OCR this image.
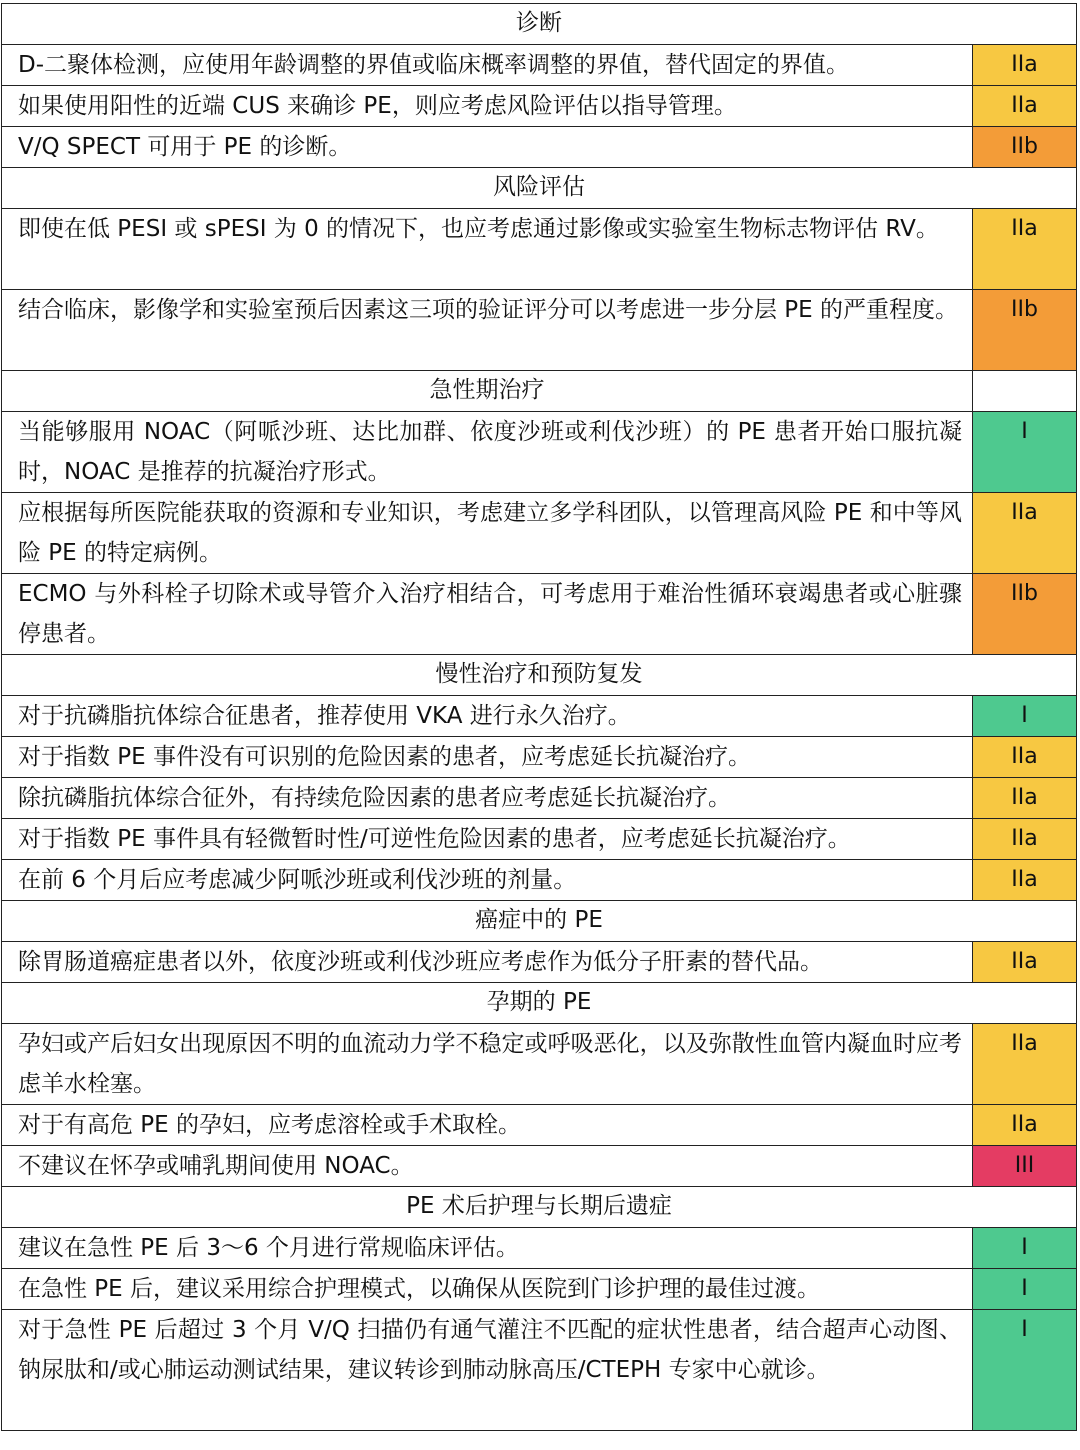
诊断	
D-二聚体检测，应使用年龄调整的界值或临床概率调整的界值，替代固定的界值。	IIa
如果使用阳性的近端 CUS 来确诊 PE，则应考虑风险评估以指导管理。	IIa
V/Q SPECT 可用于 PE 的诊断。	IIb
风险评估	
即使在低 PESI 或 sPESI 为 0 的情况下，也应考虑通过影像或实验室生物标志物评估 RV。	IIa
结合临床，影像学和实验室预后因素这三项的验证评分可以考虑进一步分层 PE 的严重程度。	IIb
急性期治疗	
当能够服用 NOAC（阿哌沙班、达比加群、依度沙班或利伐沙班）的 PE 患者开始口服抗凝时，NOAC 是推荐的抗凝治疗形式。	I
应根据每所医院能获取的资源和专业知识，考虑建立多学科团队，以管理高风险 PE 和中等风险 PE 的特定病例。	IIa
ECMO 与外科栓子切除术或导管介入治疗相结合，可考虑用于难治性循环衰竭患者或心脏骤停患者。	IIb
慢性治疗和预防复发	
对于抗磷脂抗体综合征患者，推荐使用 VKA 进行永久治疗。	I
对于指数 PE 事件没有可识别的危险因素的患者，应考虑延长抗凝治疗。	IIa
除抗磷脂抗体综合征外，有持续危险因素的患者应考虑延长抗凝治疗。	IIa
对于指数 PE 事件具有轻微暂时性/可逆性危险因素的患者，应考虑延长抗凝治疗。	IIa
在前 6 个月后应考虑减少阿哌沙班或利伐沙班的剂量。	IIa
癌症中的 PE	
除胃肠道癌症患者以外，依度沙班或利伐沙班应考虑作为低分子肝素的替代品。	IIa
孕期的 PE	
孕妇或产后妇女出现原因不明的血流动力学不稳定或呼吸恶化，以及弥散性血管内凝血时应考虑羊水栓塞。	IIa
对于有高危 PE 的孕妇，应考虑溶栓或手术取栓。	IIa
不建议在怀孕或哺乳期间使用 NOAC。	III
PE 术后护理与长期后遗症	
建议在急性 PE 后 3～6 个月进行常规临床评估。	I
在急性 PE 后，建议采用综合护理模式，以确保从医院到门诊护理的最佳过渡。	I
对于急性 PE 后超过 3 个月 V/Q 扫描仍有通气灌注不匹配的症状性患者，结合超声心动图、钠尿肽和/或心肺运动测试结果，建议转诊到肺动脉高压/CTEPH 专家中心就诊。	I
